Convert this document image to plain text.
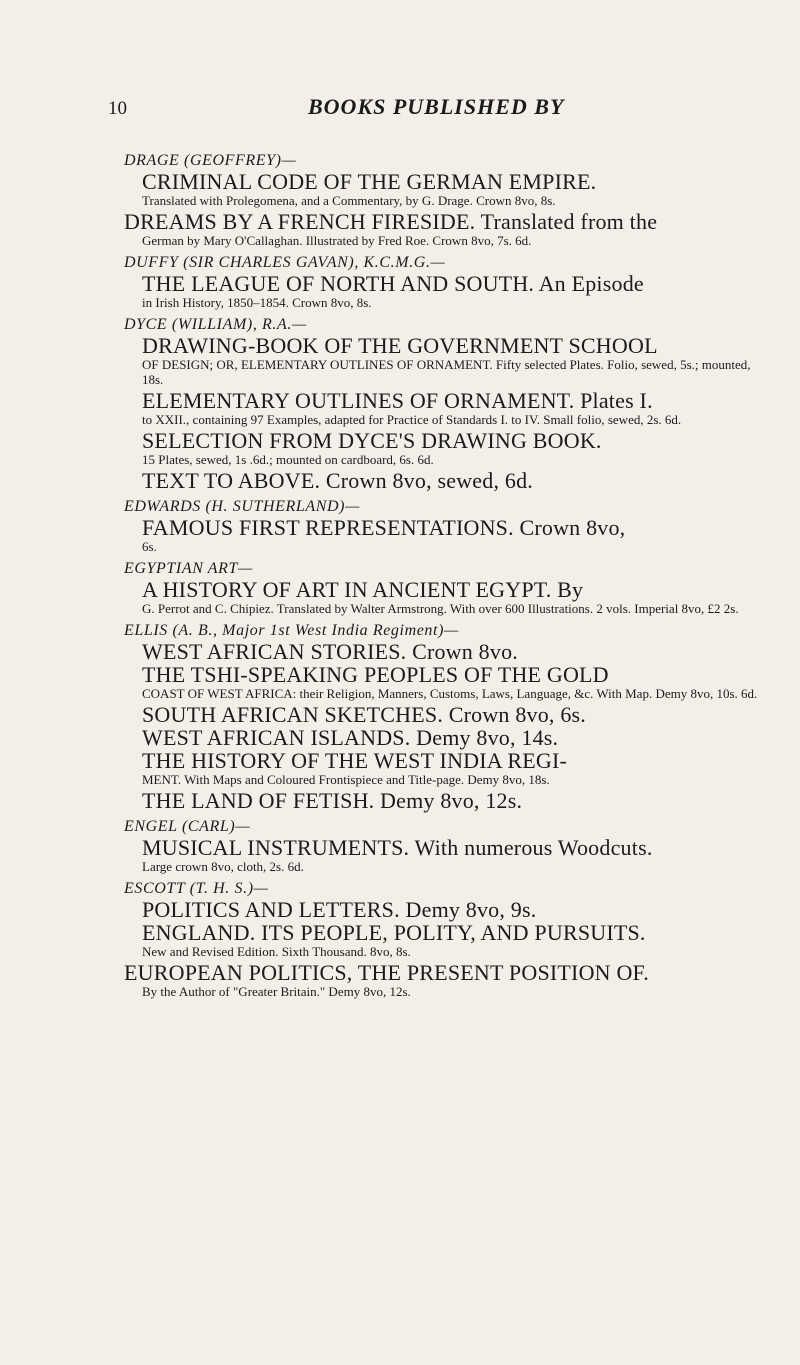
10	BOOKS PUBLISHED BY
DRAGE (GEOFFREY)—
CRIMINAL CODE OF THE GERMAN EMPIRE.
Translated with Prolegomena, and a Commentary, by G. Drage. Crown 8vo, 8s.
DREAMS BY A FRENCH FIRESIDE. Translated from the
German by Mary O'Callaghan. Illustrated by Fred Roe. Crown 8vo, 7s. 6d.
DUFFY (SIR CHARLES GAVAN), K.C.M.G.—
THE LEAGUE OF NORTH AND SOUTH. An Episode
in Irish History, 1850–1854. Crown 8vo, 8s.
DYCE (WILLIAM), R.A.—
DRAWING-BOOK OF THE GOVERNMENT SCHOOL
OF DESIGN; OR, ELEMENTARY OUTLINES OF ORNAMENT. Fifty selected Plates. Folio, sewed, 5s.; mounted, 18s.
ELEMENTARY OUTLINES OF ORNAMENT. Plates I.
to XXII., containing 97 Examples, adapted for Practice of Standards I. to IV. Small folio, sewed, 2s. 6d.
SELECTION FROM DYCE'S DRAWING BOOK.
15 Plates, sewed, 1s .6d.; mounted on cardboard, 6s. 6d.
TEXT TO ABOVE. Crown 8vo, sewed, 6d.
EDWARDS (H. SUTHERLAND)—
FAMOUS FIRST REPRESENTATIONS. Crown 8vo,
6s.
EGYPTIAN ART—
A HISTORY OF ART IN ANCIENT EGYPT. By
G. Perrot and C. Chipiez. Translated by Walter Armstrong. With over 600 Illustrations. 2 vols. Imperial 8vo, £2 2s.
ELLIS (A. B., Major 1st West India Regiment)—
WEST AFRICAN STORIES. Crown 8vo.
THE TSHI-SPEAKING PEOPLES OF THE GOLD
COAST OF WEST AFRICA: their Religion, Manners, Customs, Laws, Language, &c. With Map. Demy 8vo, 10s. 6d.
SOUTH AFRICAN SKETCHES. Crown 8vo, 6s.
WEST AFRICAN ISLANDS. Demy 8vo, 14s.
THE HISTORY OF THE WEST INDIA REGI-
MENT. With Maps and Coloured Frontispiece and Title-page. Demy 8vo, 18s.
THE LAND OF FETISH. Demy 8vo, 12s.
ENGEL (CARL)—
MUSICAL INSTRUMENTS. With numerous Woodcuts.
Large crown 8vo, cloth, 2s. 6d.
ESCOTT (T. H. S.)—
POLITICS AND LETTERS. Demy 8vo, 9s.
ENGLAND. ITS PEOPLE, POLITY, AND PURSUITS.
New and Revised Edition. Sixth Thousand. 8vo, 8s.
EUROPEAN POLITICS, THE PRESENT POSITION OF.
By the Author of "Greater Britain." Demy 8vo, 12s.
